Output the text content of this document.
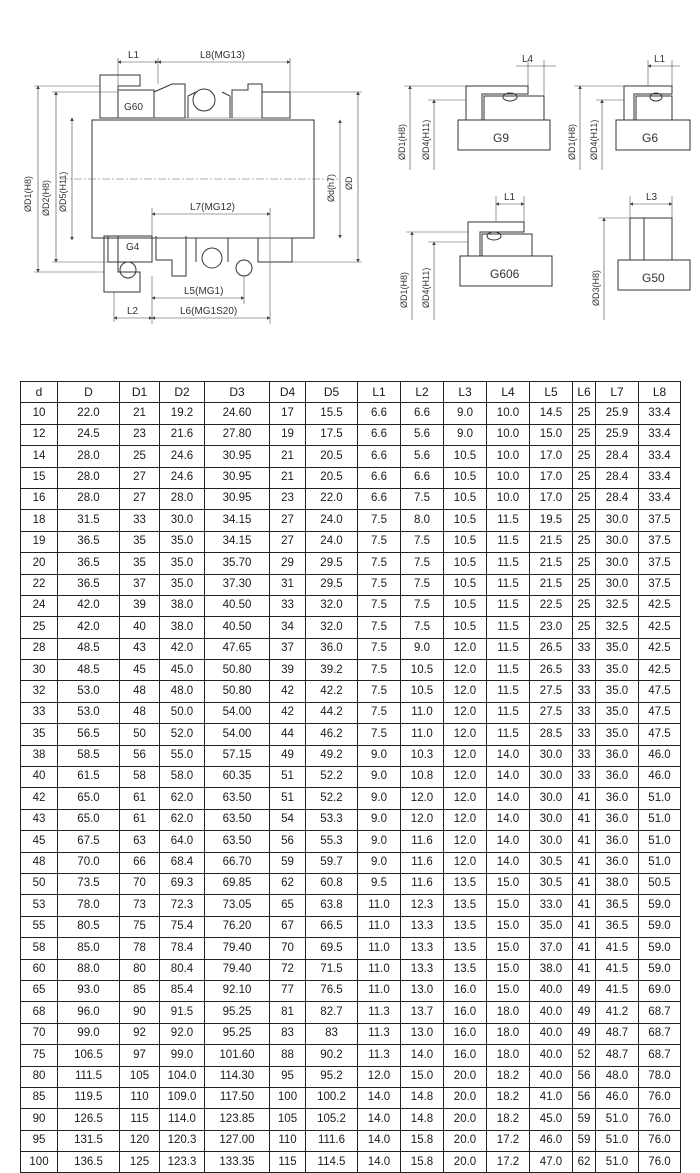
L1	L8(MG13)
G60
L7(MG12)
G4
L5(MG1)
L2	L6(MG1S20)
ØD1(H8) ØD2(H8) ØD5(H11)	Ød(h7) ØD
G9
L4
ØD1(H8) ØD4(H11)	G6
L1
ØD1(H8) ØD4(H11)
G606
L1
ØD1(H8) ØD4(H11)	G50
L3
ØD3(H8)
d	D	D1	D2	D3	D4	D5	L1	L2	L3	L4	L5	L6	L7	L8
10	22.0	21	19.2	24.60	17	15.5	6.6	6.6	9.0	10.0	14.5	25	25.9	33.4
12	24.5	23	21.6	27.80	19	17.5	6.6	5.6	9.0	10.0	15.0	25	25.9	33.4
14	28.0	25	24.6	30.95	21	20.5	6.6	5.6	10.5	10.0	17.0	25	28.4	33.4
15	28.0	27	24.6	30.95	21	20.5	6.6	6.6	10.5	10.0	17.0	25	28.4	33.4
16	28.0	27	28.0	30.95	23	22.0	6.6	7.5	10.5	10.0	17.0	25	28.4	33.4
18	31.5	33	30.0	34.15	27	24.0	7.5	8.0	10.5	11.5	19.5	25	30.0	37.5
19	36.5	35	35.0	34.15	27	24.0	7.5	7.5	10.5	11.5	21.5	25	30.0	37.5
20	36.5	35	35.0	35.70	29	29.5	7.5	7.5	10.5	11.5	21.5	25	30.0	37.5
22	36.5	37	35.0	37.30	31	29.5	7.5	7.5	10.5	11.5	21.5	25	30.0	37.5
24	42.0	39	38.0	40.50	33	32.0	7.5	7.5	10.5	11.5	22.5	25	32.5	42.5
25	42.0	40	38.0	40.50	34	32.0	7.5	7.5	10.5	11.5	23.0	25	32.5	42.5
28	48.5	43	42.0	47.65	37	36.0	7.5	9.0	12.0	11.5	26.5	33	35.0	42.5
30	48.5	45	45.0	50.80	39	39.2	7.5	10.5	12.0	11.5	26.5	33	35.0	42.5
32	53.0	48	48.0	50.80	42	42.2	7.5	10.5	12.0	11.5	27.5	33	35.0	47.5
33	53.0	48	50.0	54.00	42	44.2	7.5	11.0	12.0	11.5	27.5	33	35.0	47.5
35	56.5	50	52.0	54.00	44	46.2	7.5	11.0	12.0	11.5	28.5	33	35.0	47.5
38	58.5	56	55.0	57.15	49	49.2	9.0	10.3	12.0	14.0	30.0	33	36.0	46.0
40	61.5	58	58.0	60.35	51	52.2	9.0	10.8	12.0	14.0	30.0	33	36.0	46.0
42	65.0	61	62.0	63.50	51	52.2	9.0	12.0	12.0	14.0	30.0	41	36.0	51.0
43	65.0	61	62.0	63.50	54	53.3	9.0	12.0	12.0	14.0	30.0	41	36.0	51.0
45	67.5	63	64.0	63.50	56	55.3	9.0	11.6	12.0	14.0	30.0	41	36.0	51.0
48	70.0	66	68.4	66.70	59	59.7	9.0	11.6	12.0	14.0	30.5	41	36.0	51.0
50	73.5	70	69.3	69.85	62	60.8	9.5	11.6	13.5	15.0	30.5	41	38.0	50.5
53	78.0	73	72.3	73.05	65	63.8	11.0	12.3	13.5	15.0	33.0	41	36.5	59.0
55	80.5	75	75.4	76.20	67	66.5	11.0	13.3	13.5	15.0	35.0	41	36.5	59.0
58	85.0	78	78.4	79.40	70	69.5	11.0	13.3	13.5	15.0	37.0	41	41.5	59.0
60	88.0	80	80.4	79.40	72	71.5	11.0	13.3	13.5	15.0	38.0	41	41.5	59.0
65	93.0	85	85.4	92.10	77	76.5	11.0	13.0	16.0	15.0	40.0	49	41.5	69.0
68	96.0	90	91.5	95.25	81	82.7	11.3	13.7	16.0	18.0	40.0	49	41.2	68.7
70	99.0	92	92.0	95.25	83	83	11.3	13.0	16.0	18.0	40.0	49	48.7	68.7
75	106.5	97	99.0	101.60	88	90.2	11.3	14.0	16.0	18.0	40.0	52	48.7	68.7
80	111.5	105	104.0	114.30	95	95.2	12.0	15.0	20.0	18.2	40.0	56	48.0	78.0
85	119.5	110	109.0	117.50	100	100.2	14.0	14.8	20.0	18.2	41.0	56	46.0	76.0
90	126.5	115	114.0	123.85	105	105.2	14.0	14.8	20.0	18.2	45.0	59	51.0	76.0
95	131.5	120	120.3	127.00	110	111.6	14.0	15.8	20.0	17.2	46.0	59	51.0	76.0
100	136.5	125	123.3	133.35	115	114.5	14.0	15.8	20.0	17.2	47.0	62	51.0	76.0
